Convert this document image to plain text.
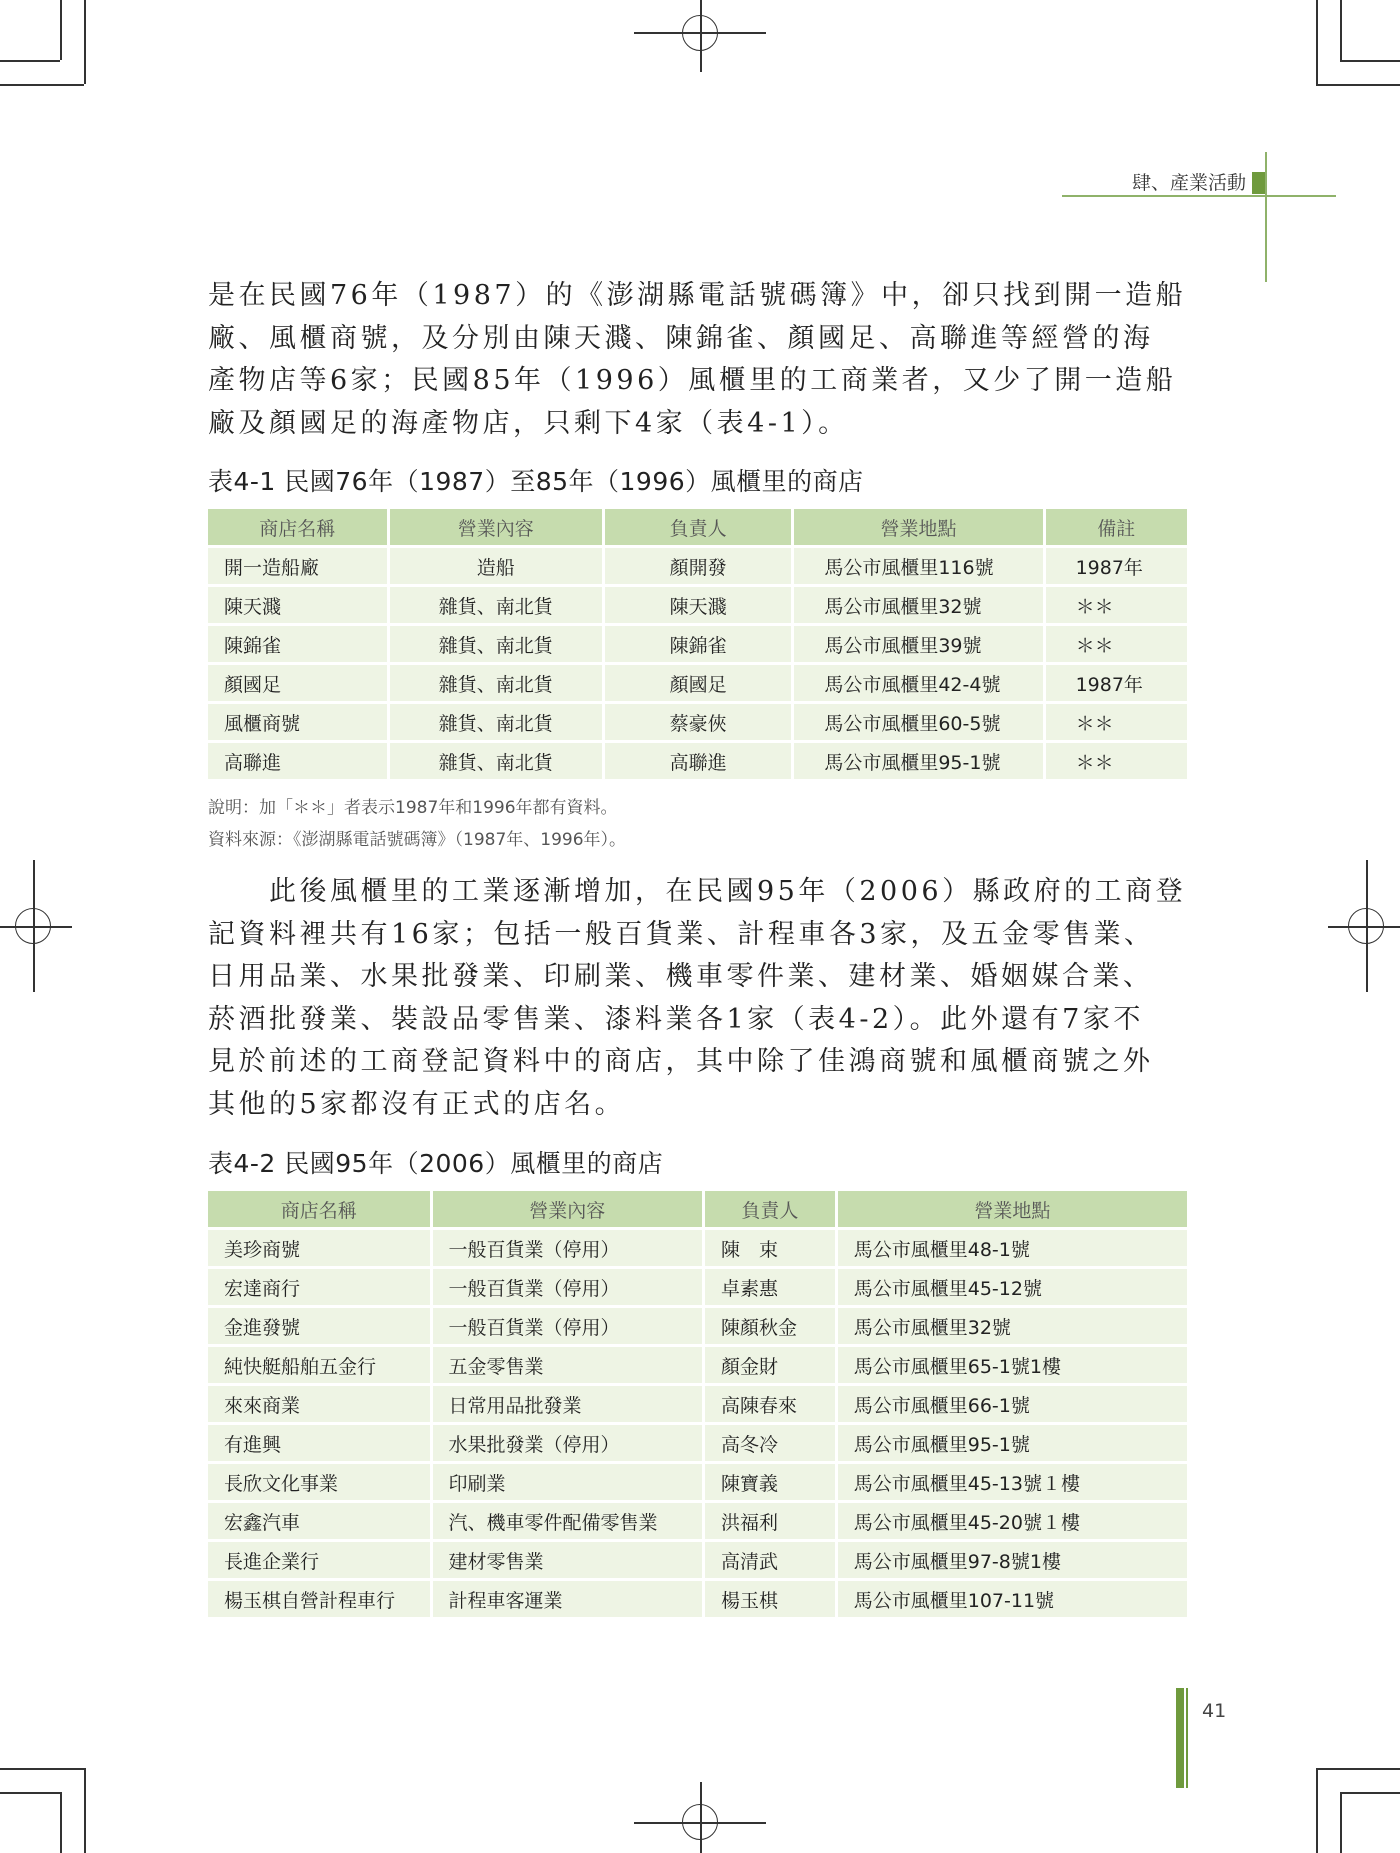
肆、產業活動
是在民國76年（1987）的《澎湖縣電話號碼簿》中，卻只找到開一造船
廠、風櫃商號，及分別由陳天濺、陳錦雀、顏國足、高聯進等經營的海
產物店等6家；民國85年（1996）風櫃里的工商業者，又少了開一造船
廠及顏國足的海產物店，只剩下4家（表4-1）。
表4-1 民國76年（1987）至85年（1996）風櫃里的商店
商店名稱	營業內容	負責人	營業地點	備註
開一造船廠	造船	顏開發	馬公市風櫃里116號	1987年
陳天濺	雜貨、南北貨	陳天濺	馬公市風櫃里32號	＊＊
陳錦雀	雜貨、南北貨	陳錦雀	馬公市風櫃里39號	＊＊
顏國足	雜貨、南北貨	顏國足	馬公市風櫃里42-4號	1987年
風櫃商號	雜貨、南北貨	蔡豪俠	馬公市風櫃里60-5號	＊＊
高聯進	雜貨、南北貨	高聯進	馬公市風櫃里95-1號	＊＊
說明：加「＊＊」者表示1987年和1996年都有資料。
資料來源：《澎湖縣電話號碼簿》（1987年、1996年）。
　　此後風櫃里的工業逐漸增加，在民國95年（2006）縣政府的工商登
記資料裡共有16家；包括一般百貨業、計程車各3家，及五金零售業、
日用品業、水果批發業、印刷業、機車零件業、建材業、婚姻媒合業、
菸酒批發業、裝設品零售業、漆料業各1家（表4-2）。此外還有7家不
見於前述的工商登記資料中的商店，其中除了佳鴻商號和風櫃商號之外
其他的5家都沒有正式的店名。
表4-2 民國95年（2006）風櫃里的商店
商店名稱	營業內容	負責人	營業地點
美珍商號	一般百貨業（停用）	陳　束	馬公市風櫃里48-1號
宏達商行	一般百貨業（停用）	卓素惠	馬公市風櫃里45-12號
金進發號	一般百貨業（停用）	陳顏秋金	馬公市風櫃里32號
純快艇船舶五金行	五金零售業	顏金財	馬公市風櫃里65-1號1樓
來來商業	日常用品批發業	高陳春來	馬公市風櫃里66-1號
有進興	水果批發業（停用）	高冬冷	馬公市風櫃里95-1號
長欣文化事業	印刷業	陳寶義	馬公市風櫃里45-13號１樓
宏鑫汽車	汽、機車零件配備零售業	洪福利	馬公市風櫃里45-20號１樓
長進企業行	建材零售業	高清武	馬公市風櫃里97-8號1樓
楊玉棋自營計程車行	計程車客運業	楊玉棋	馬公市風櫃里107-11號
41
